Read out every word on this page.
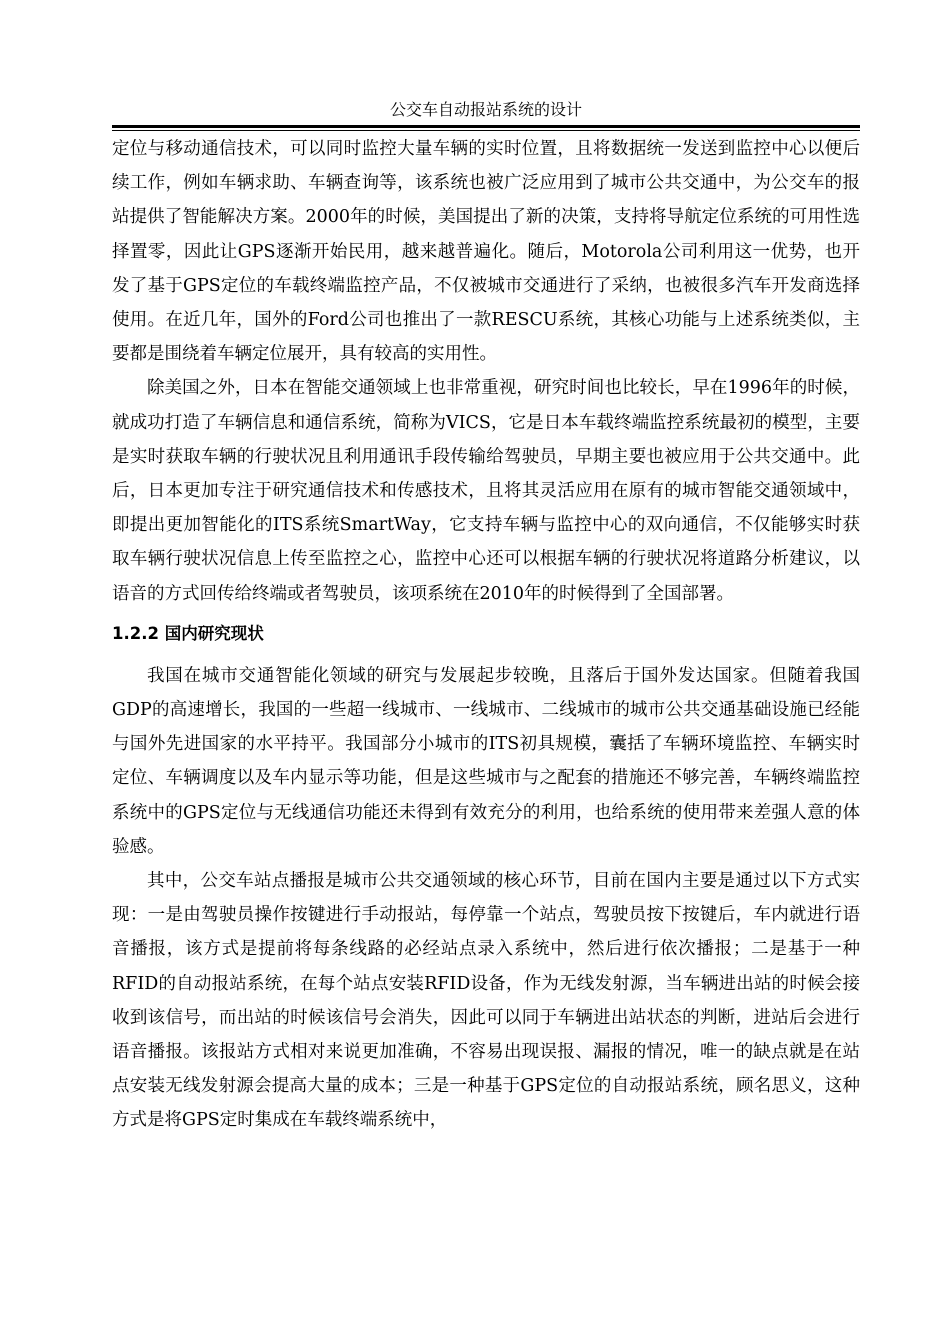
公交车自动报站系统的设计

定位与移动通信技术，可以同时监控大量车辆的实时位置，且将数据统一发送到监控中心以便后续工作，例如车辆求助、车辆查询等，该系统也被广泛应用到了城市公共交通中，为公交车的报站提供了智能解决方案。2000年的时候，美国提出了新的决策，支持将导航定位系统的可用性选择置零，因此让GPS逐渐开始民用，越来越普遍化。随后，Motorola公司利用这一优势，也开发了基于GPS定位的车载终端监控产品，不仅被城市交通进行了采纳，也被很多汽车开发商选择使用。在近几年，国外的Ford公司也推出了一款RESCU系统，其核心功能与上述系统类似，主要都是围绕着车辆定位展开，具有较高的实用性。

除美国之外，日本在智能交通领域上也非常重视，研究时间也比较长，早在1996年的时候，就成功打造了车辆信息和通信系统，简称为VICS，它是日本车载终端监控系统最初的模型，主要是实时获取车辆的行驶状况且利用通讯手段传输给驾驶员，早期主要也被应用于公共交通中。此后，日本更加专注于研究通信技术和传感技术，且将其灵活应用在原有的城市智能交通领域中，即提出更加智能化的ITS系统SmartWay，它支持车辆与监控中心的双向通信，不仅能够实时获取车辆行驶状况信息上传至监控之心，监控中心还可以根据车辆的行驶状况将道路分析建议，以语音的方式回传给终端或者驾驶员，该项系统在2010年的时候得到了全国部署。

1.2.2 国内研究现状

我国在城市交通智能化领域的研究与发展起步较晚，且落后于国外发达国家。但随着我国GDP的高速增长，我国的一些超一线城市、一线城市、二线城市的城市公共交通基础设施已经能与国外先进国家的水平持平。我国部分小城市的ITS初具规模，囊括了车辆环境监控、车辆实时定位、车辆调度以及车内显示等功能，但是这些城市与之配套的措施还不够完善，车辆终端监控系统中的GPS定位与无线通信功能还未得到有效充分的利用，也给系统的使用带来差强人意的体验感。

其中，公交车站点播报是城市公共交通领域的核心环节，目前在国内主要是通过以下方式实现：一是由驾驶员操作按键进行手动报站，每停靠一个站点，驾驶员按下按键后，车内就进行语音播报，该方式是提前将每条线路的必经站点录入系统中，然后进行依次播报；二是基于一种RFID的自动报站系统，在每个站点安装RFID设备，作为无线发射源，当车辆进出站的时候会接收到该信号，而出站的时候该信号会消失，因此可以同于车辆进出站状态的判断，进站后会进行语音播报。该报站方式相对来说更加准确，不容易出现误报、漏报的情况，唯一的缺点就是在站点安装无线发射源会提高大量的成本；三是一种基于GPS定位的自动报站系统，顾名思义，这种方式是将GPS定时集成在车载终端系统中，
